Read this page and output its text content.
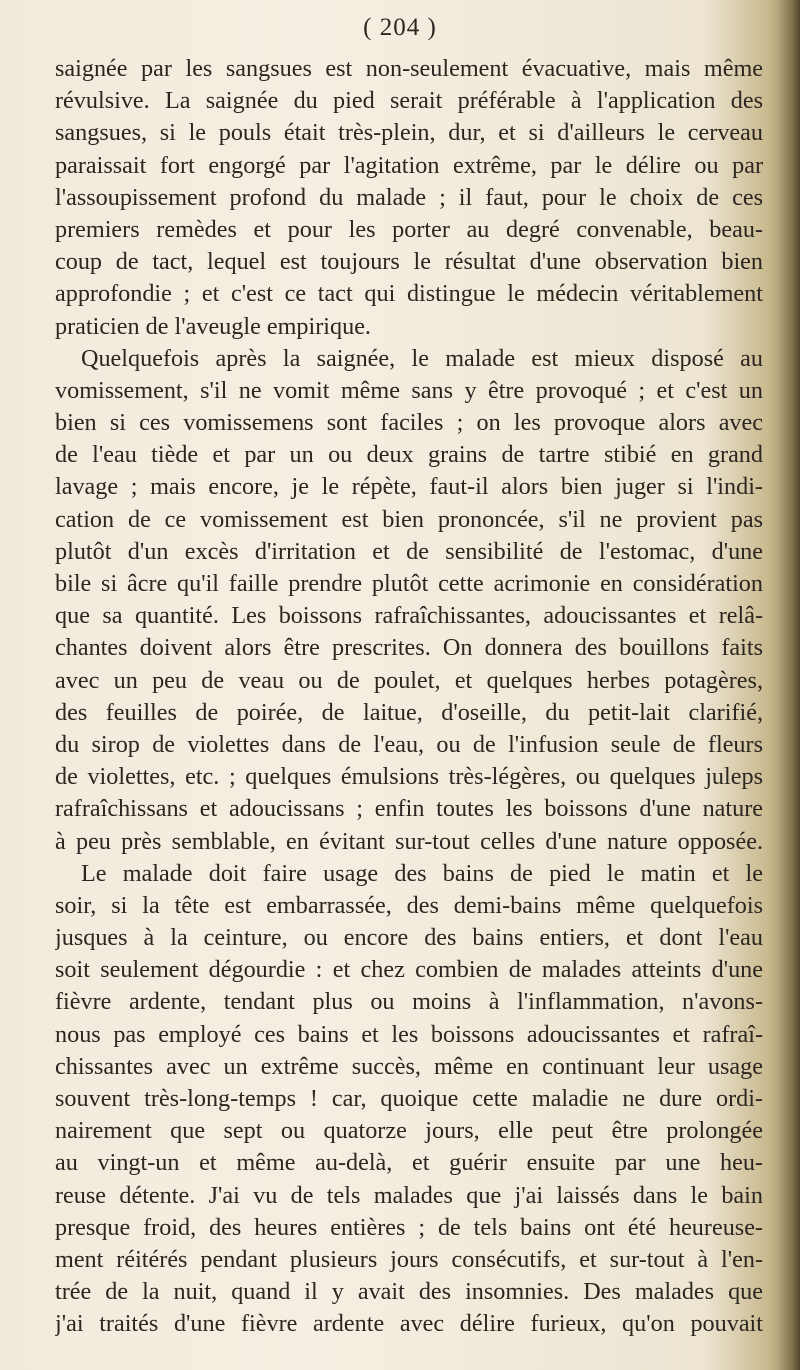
( 204 )
saignée par les sangsues est non-seulement évacuative, mais même
révulsive. La saignée du pied serait préférable à l'application des
sangsues, si le pouls était très-plein, dur, et si d'ailleurs le cerveau
paraissait fort engorgé par l'agitation extrême, par le délire ou par
l'assoupissement profond du malade ; il faut, pour le choix de ces
premiers remèdes et pour les porter au degré convenable, beau-
coup de tact, lequel est toujours le résultat d'une observation bien
approfondie ; et c'est ce tact qui distingue le médecin véritablement
praticien de l'aveugle empirique.
Quelquefois après la saignée, le malade est mieux disposé au
vomissement, s'il ne vomit même sans y être provoqué ; et c'est un
bien si ces vomissemens sont faciles ; on les provoque alors avec
de l'eau tiède et par un ou deux grains de tartre stibié en grand
lavage ; mais encore, je le répète, faut-il alors bien juger si l'indi-
cation de ce vomissement est bien prononcée, s'il ne provient pas
plutôt d'un excès d'irritation et de sensibilité de l'estomac, d'une
bile si âcre qu'il faille prendre plutôt cette acrimonie en considération
que sa quantité. Les boissons rafraîchissantes, adoucissantes et relâ-
chantes doivent alors être prescrites. On donnera des bouillons faits
avec un peu de veau ou de poulet, et quelques herbes potagères,
des feuilles de poirée, de laitue, d'oseille, du petit-lait clarifié,
du sirop de violettes dans de l'eau, ou de l'infusion seule de fleurs
de violettes, etc. ; quelques émulsions très-légères, ou quelques juleps
rafraîchissans et adoucissans ; enfin toutes les boissons d'une nature
à peu près semblable, en évitant sur-tout celles d'une nature opposée.
Le malade doit faire usage des bains de pied le matin et le
soir, si la tête est embarrassée, des demi-bains même quelquefois
jusques à la ceinture, ou encore des bains entiers, et dont l'eau
soit seulement dégourdie : et chez combien de malades atteints d'une
fièvre ardente, tendant plus ou moins à l'inflammation, n'avons-
nous pas employé ces bains et les boissons adoucissantes et rafraî-
chissantes avec un extrême succès, même en continuant leur usage
souvent très-long-temps ! car, quoique cette maladie ne dure ordi-
nairement que sept ou quatorze jours, elle peut être prolongée
au vingt-un et même au-delà, et guérir ensuite par une heu-
reuse détente. J'ai vu de tels malades que j'ai laissés dans le bain
presque froid, des heures entières ; de tels bains ont été heureuse-
ment réitérés pendant plusieurs jours consécutifs, et sur-tout à l'en-
trée de la nuit, quand il y avait des insomnies. Des malades que
j'ai traités d'une fièvre ardente avec délire furieux, qu'on pouvait
